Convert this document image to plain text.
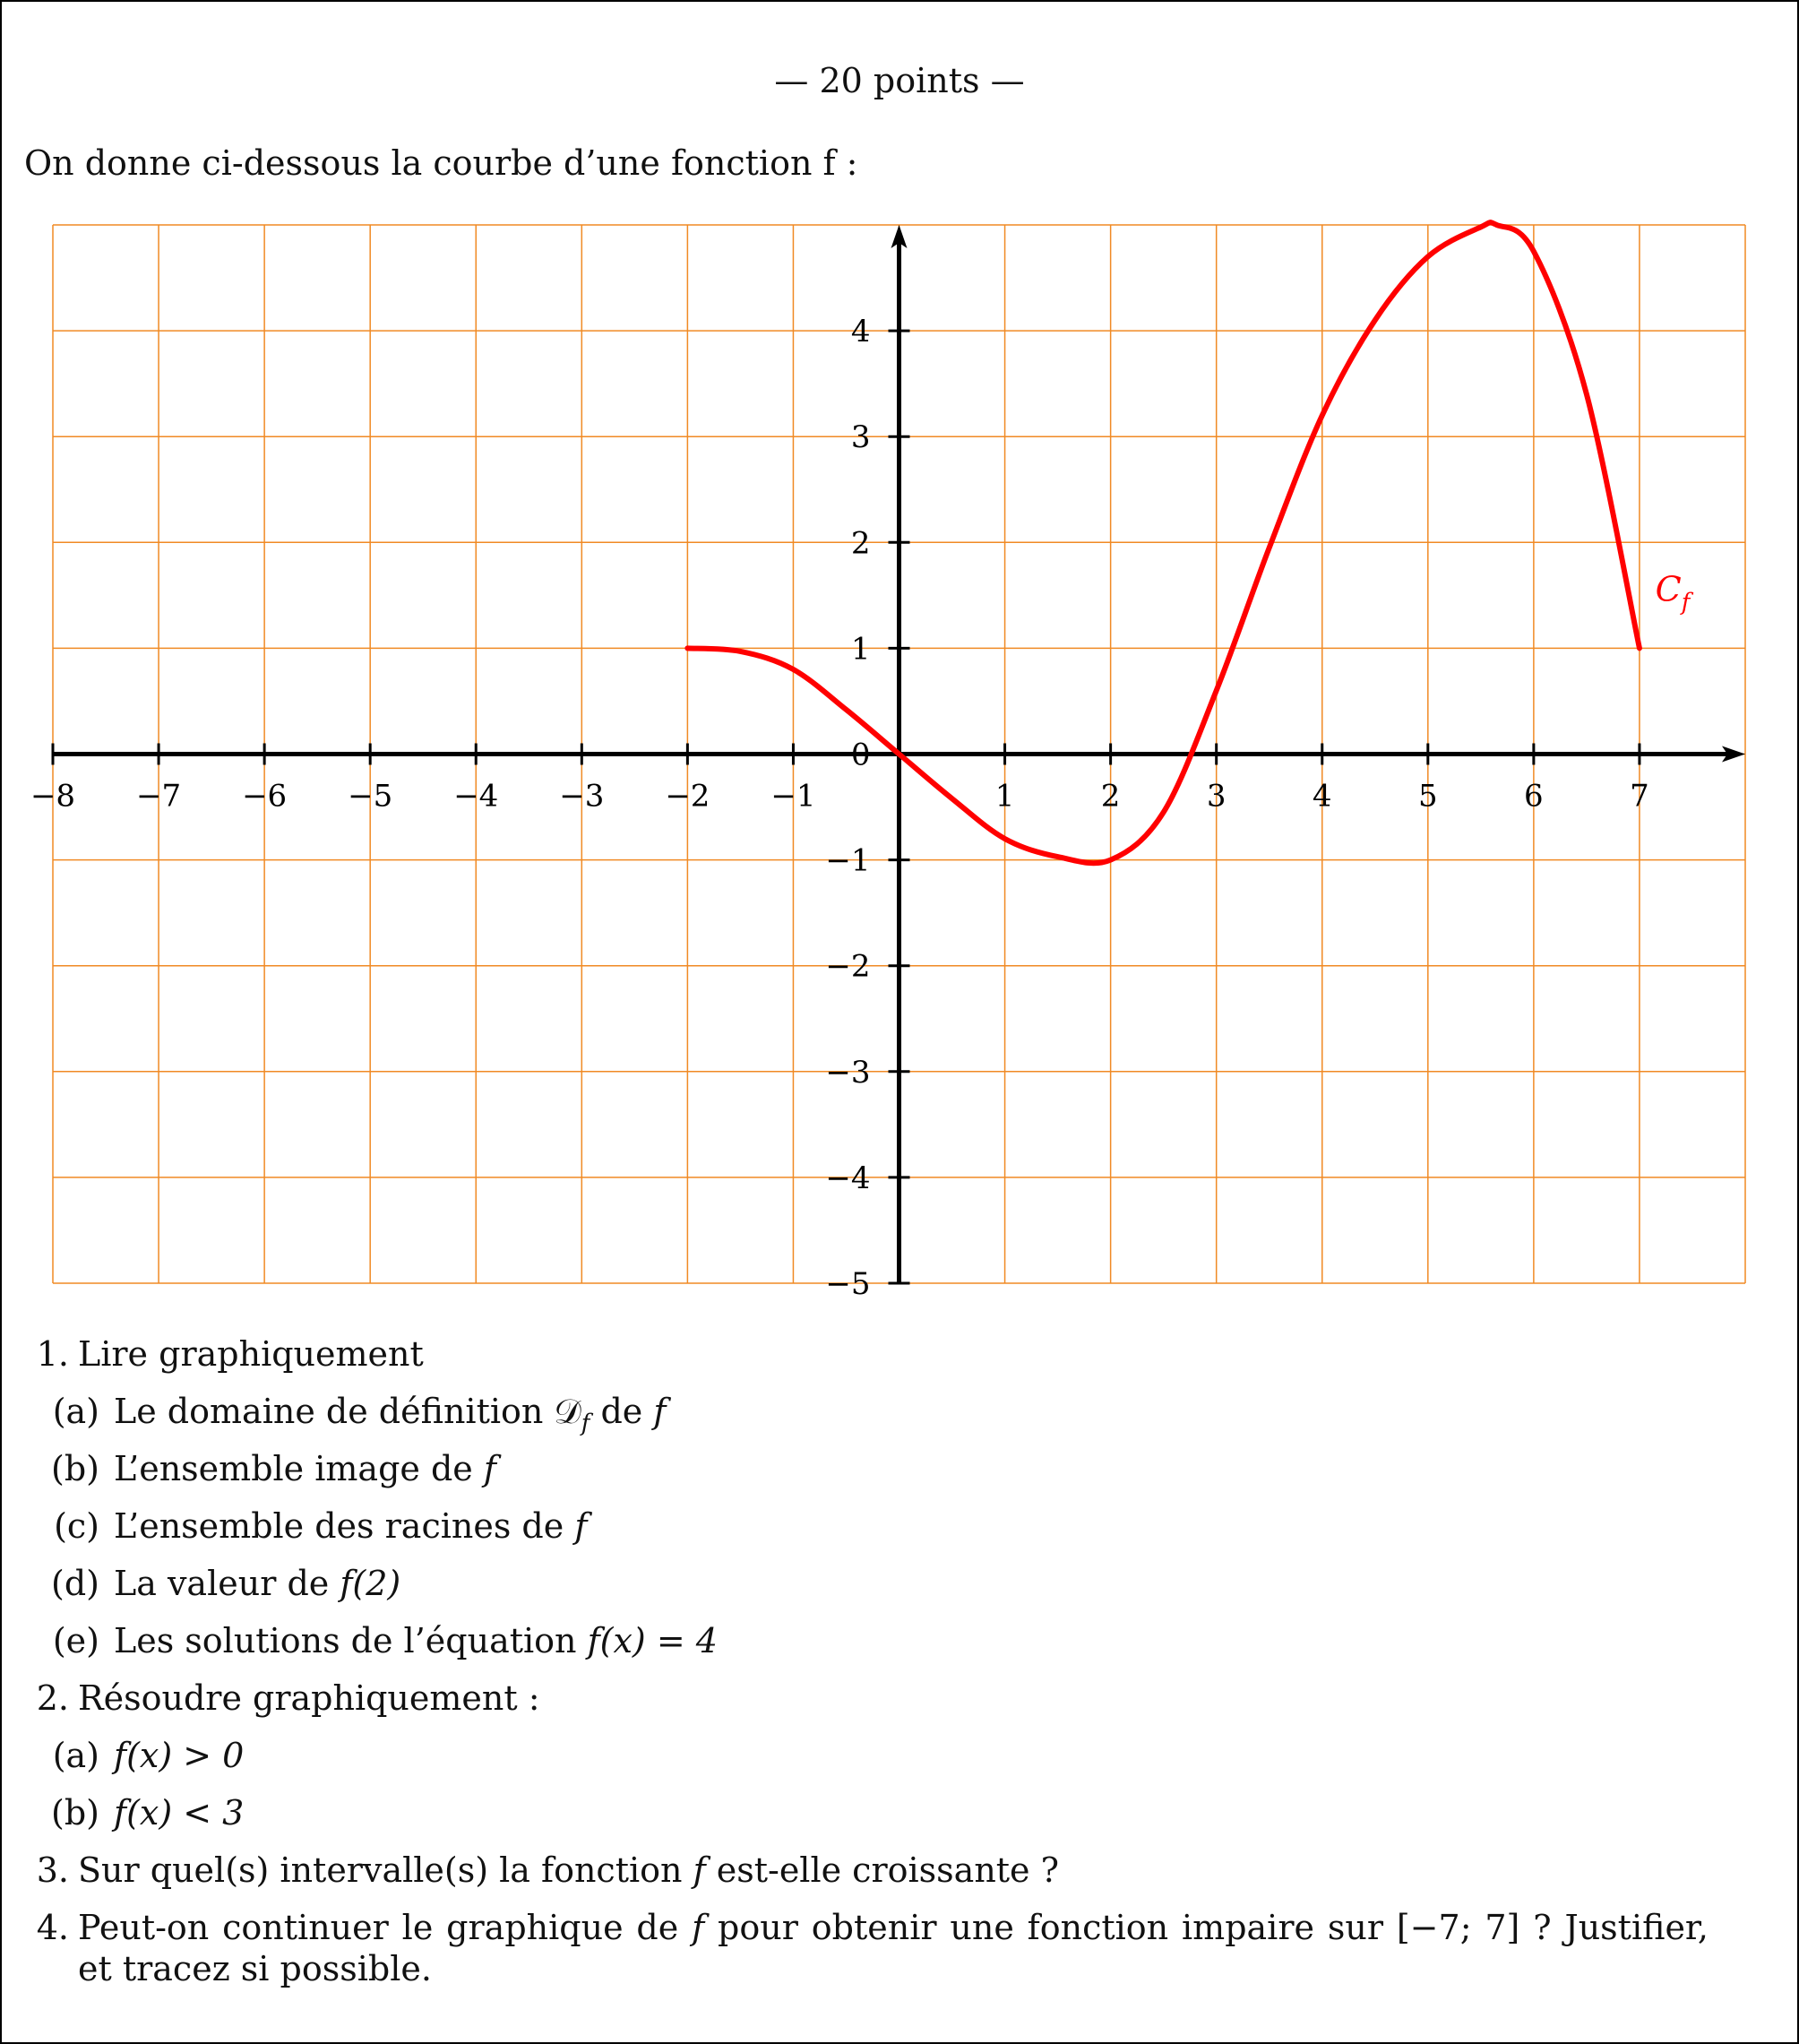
— 20 points —
On donne ci-dessous la courbe d’une fonction f :
−8 −7 −6 −5 −4 −3 −2 −1	1	2	3	4	5	6	7
4
3
2
1
0
−1
−2
−3
−4
−5
$C_f$
1. Lire graphiquement
(a) Le domaine de définition 𝒟$_f$ de f
(b) L’ensemble image de f
(c) L’ensemble des racines de f
(d) La valeur de f(2)
(e) Les solutions de l’équation f(x) = 4
2. Résoudre graphiquement :
(a) f(x) > 0
(b) f(x) < 3
3. Sur quel(s) intervalle(s) la fonction f est-elle croissante ?
4. Peut-on continuer le graphique de f pour obtenir une fonction impaire sur [−7; 7] ? Justifier, et tracez si possible.
